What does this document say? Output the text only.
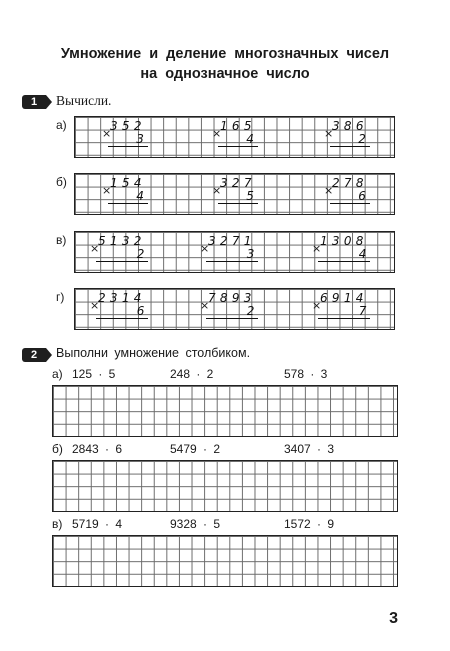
Умножение и деление многозначных чисел
на однозначное число
1	Вычисли.
а)	352
× 3
165
× 4
386
× 2
б)	154
× 4
327
× 5
278
× 6
в)	5132
×	2
3271
×	3
1308
×	4
г)	2314
×	6
7893
×	2
6914
×	7
2	Выполни умножение столбиком.
а) 125 · 5	248 · 2	578 · 3
б) 2843 · 6	5479 · 2	3407 · 3
в) 5719 · 4	9328 · 5	1572 · 9
3
